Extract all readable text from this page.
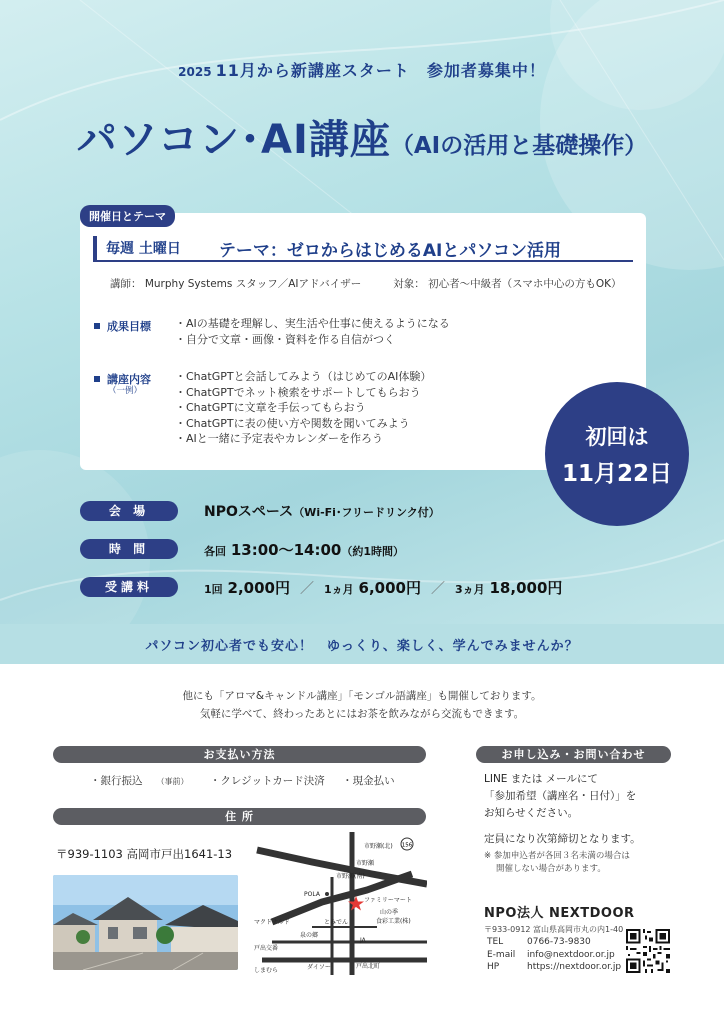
2025 11月から新講座スタート　参加者募集中！
パソコン･AI講座（AIの活用と基礎操作）
開催日とテーマ
毎週 土曜日 テーマ：ゼロからはじめるAIとパソコン活用
講師： Murphy Systems スタッフ／AIアドバイザー	対象： 初心者～中級者（スマホ中心の方もOK）
成果目標
・	AIの基礎を理解し、実生活や仕事に使えるようになる
・ 自分で文章・画像・資料を作る自信がつく
講座内容
（一例）
・ ChatGPTと会話してみよう（はじめてのAI体験）
・ ChatGPTでネット検索をサポートしてもらおう
・ ChatGPTに文章を手伝ってもらおう
・ ChatGPTに表の使い方や関数を聞いてみよう
・ AIと一緒に予定表やカレンダーを作ろう	初回は
11月22日
会 場	NPOスペース（Wi-Fi･フリードリンク付）
時 間	各回 13:00～14:00（約1時間）
受講料	1回 2,000円 ／ 1ヵ月 6,000円 ／ 3ヵ月 18,000円
パソコン初心者でも安心！　ゆっくり、楽しく、学んでみませんか？
他にも「アロマ&キャンドル講座」「モンゴル語講座」も開催しております。
気軽に学べて、終わったあとにはお茶を飲みながら交流もできます。
お支払い方法
・銀行振込 （事前） ・クレジットカード決済 ・現金払い
住 所
〒939-1103 高岡市戸出1641-13
156
市野瀬(北)
市野瀬
市野瀬(南)
POLA
ファミリーマート
山の季
食彩工業(株)
マクドナルド	とみでん
JA
泉の郷
戸出交番
しまむら	ダイソー	戸出北町
お申し込み・お問い合わせ
LINE または メールにて
「参加希望（講座名・日付）」を
お知らせください。
定員になり次第締切となります。
※ 参加申込者が各回３名未満の場合は
開催しない場合があります。
NPO法人 NEXTDOOR
〒933-0912 富山県高岡市丸の内1-40
TEL	0766-73-9830
E-mail info@nextdoor.or.jp
HP	https://nextdoor.or.jp
